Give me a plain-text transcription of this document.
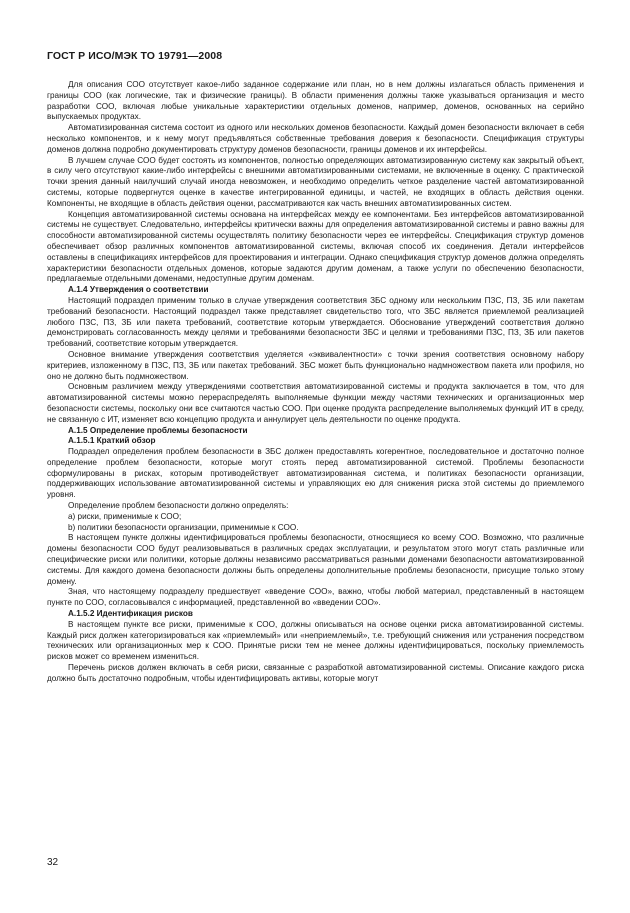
ГОСТ Р ИСО/МЭК ТО 19791—2008

Для описания СОО отсутствует какое-либо заданное содержание или план, но в нем должны излагаться область применения и границы СОО (как логические, так и физические границы). В области применения должны также указываться организация и место разработки СОО, включая любые уникальные характеристики отдельных доменов, например, доменов, основанных на серийно выпускаемых продуктах.

Автоматизированная система состоит из одного или нескольких доменов безопасности. Каждый домен безопасности включает в себя несколько компонентов, и к нему могут предъявляться собственные требования доверия к безопасности. Спецификация структуры доменов должна подробно документировать структуру доменов безопасности, границы доменов и их интерфейсы.

В лучшем случае СОО будет состоять из компонентов, полностью определяющих автоматизированную систему как закрытый объект, в силу чего отсутствуют какие-либо интерфейсы с внешними автоматизированными системами, не включенные в оценку. С практической точки зрения данный наилучший случай иногда невозможен, и необходимо определить четкое разделение частей автоматизированной системы, которые подвергнутся оценке в качестве интегрированной единицы, и частей, не входящих в область действия оценки. Компоненты, не входящие в область действия оценки, рассматриваются как часть внешних автоматизированных систем.

Концепция автоматизированной системы основана на интерфейсах между ее компонентами. Без интерфейсов автоматизированной системы не существует. Следовательно, интерфейсы критически важны для определения автоматизированной системы и равно важны для способности автоматизированной системы осуществлять политику безопасности через ее интерфейсы. Спецификация структур доменов обеспечивает обзор различных компонентов автоматизированной системы, включая способ их соединения. Детали интерфейсов оставлены в спецификациях интерфейсов для проектирования и интеграции. Однако спецификация структур доменов должна определять характеристики безопасности отдельных доменов, которые задаются другим доменам, а также услуги по обеспечению безопасности, предлагаемые отдельными доменами, недоступные другим доменам.

А.1.4 Утверждения о соответствии

Настоящий подраздел применим только в случае утверждения соответствия ЗБС одному или нескольким ПЗС, ПЗ, ЗБ или пакетам требований безопасности. Настоящий подраздел также представляет свидетельство того, что ЗБС является приемлемой реализацией любого ПЗС, ПЗ, ЗБ или пакета требований, соответствие которым утверждается. Обоснование утверждений соответствия должно демонстрировать согласованность между целями и требованиями безопасности ЗБС и целями и требованиями ПЗС, ПЗ, ЗБ или пакетов требований, соответствие которым утверждается.

Основное внимание утверждения соответствия уделяется «эквивалентности» с точки зрения соответствия основному набору критериев, изложенному в ПЗС, ПЗ, ЗБ или пакетах требований. ЗБС может быть функционально надмножеством пакета или профиля, но оно не должно быть подмножеством.

Основным различием между утверждениями соответствия автоматизированной системы и продукта заключается в том, что для автоматизированной системы можно перераспределять выполняемые функции между частями технических и организационных мер безопасности системы, поскольку они все считаются частью СОО. При оценке продукта распределение выполняемых функций ИТ в среду, не связанную с ИТ, изменяет всю концепцию продукта и аннулирует цель деятельности по оценке продукта.

А.1.5 Определение проблемы безопасности

А.1.5.1 Краткий обзор

Подраздел определения проблем безопасности в ЗБС должен предоставлять когерентное, последовательное и достаточно полное определение проблем безопасности, которые могут стоять перед автоматизированной системой. Проблемы безопасности сформулированы в рисках, которым противодействует автоматизированная система, и политиках безопасности организации, поддерживающих использование автоматизированной системы и управляющих ею для снижения риска этой системы до приемлемого уровня.

Определение проблем безопасности должно определять:

a) риски, применимые к СОО;

b) политики безопасности организации, применимые к СОО.

В настоящем пункте должны идентифицироваться проблемы безопасности, относящиеся ко всему СОО. Возможно, что различные домены безопасности СОО будут реализовываться в различных средах эксплуатации, и результатом этого могут стать различные или специфические риски или политики, которые должны независимо рассматриваться разными доменами безопасности автоматизированной системы. Для каждого домена безопасности должны быть определены дополнительные проблемы безопасности, присущие только этому домену.

Зная, что настоящему подразделу предшествует «введение СОО», важно, чтобы любой материал, представленный в настоящем пункте по СОО, согласовывался с информацией, представленной во «введении СОО».

А.1.5.2 Идентификация рисков

В настоящем пункте все риски, применимые к СОО, должны описываться на основе оценки риска автоматизированной системы. Каждый риск должен категоризироваться как «приемлемый» или «неприемлемый», т.е. требующий снижения или устранения посредством технических или организационных мер к СОО. Принятые риски тем не менее должны идентифицироваться, поскольку приемлемость рисков может со временем измениться.

Перечень рисков должен включать в себя риски, связанные с разработкой автоматизированной системы. Описание каждого риска должно быть достаточно подробным, чтобы идентифицировать активы, которые могут

32
